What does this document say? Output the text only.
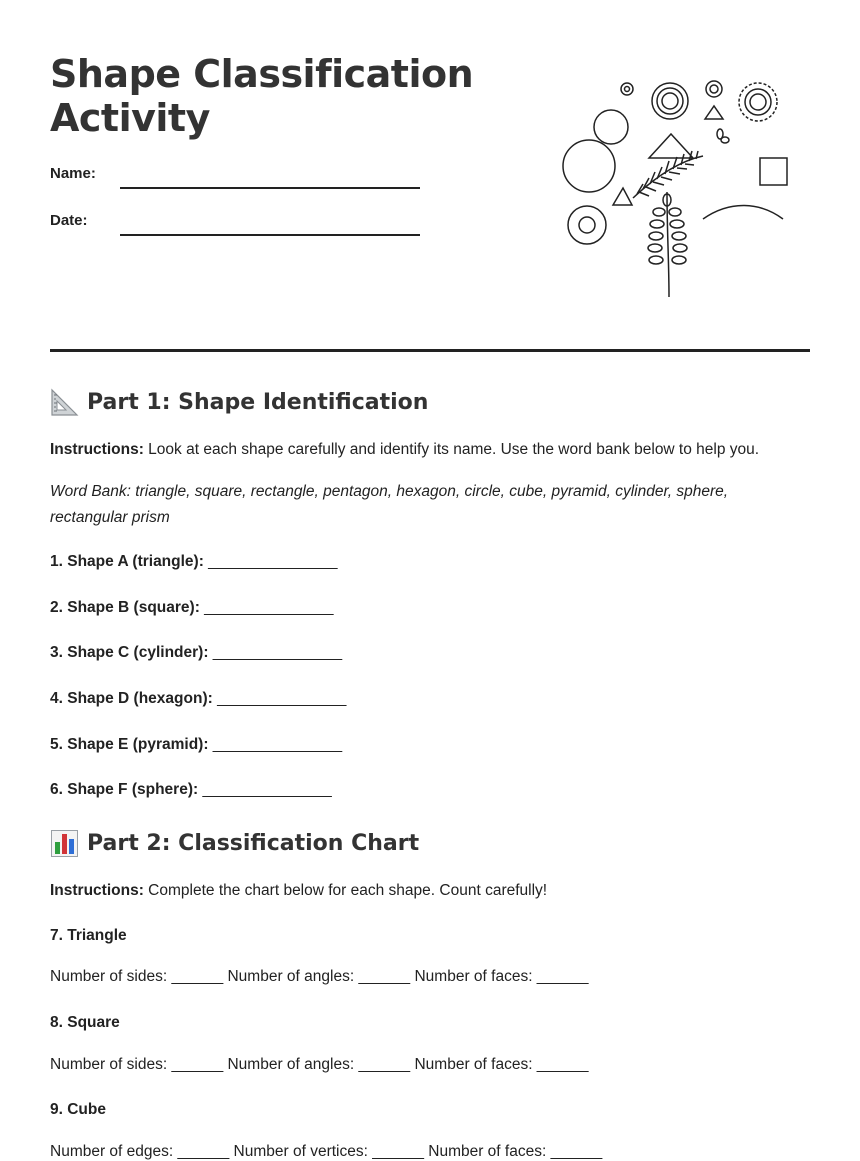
Shape Classification Activity
Name:
Date:
Part 1: Shape Identification

Instructions: Look at each shape carefully and identify its name. Use the word bank below to help you.

Word Bank: triangle, square, rectangle, pentagon, hexagon, circle, cube, pyramid, cylinder, sphere, rectangular prism

1. Shape A (triangle): _______________

2. Shape B (square): _______________

3. Shape C (cylinder): _______________

4. Shape D (hexagon): _______________

5. Shape E (pyramid): _______________

6. Shape F (sphere): _______________

Part 2: Classification Chart

Instructions: Complete the chart below for each shape. Count carefully!

7. Triangle

Number of sides: ______ Number of angles: ______ Number of faces: ______

8. Square

Number of sides: ______ Number of angles: ______ Number of faces: ______

9. Cube

Number of edges: ______ Number of vertices: ______ Number of faces: ______
